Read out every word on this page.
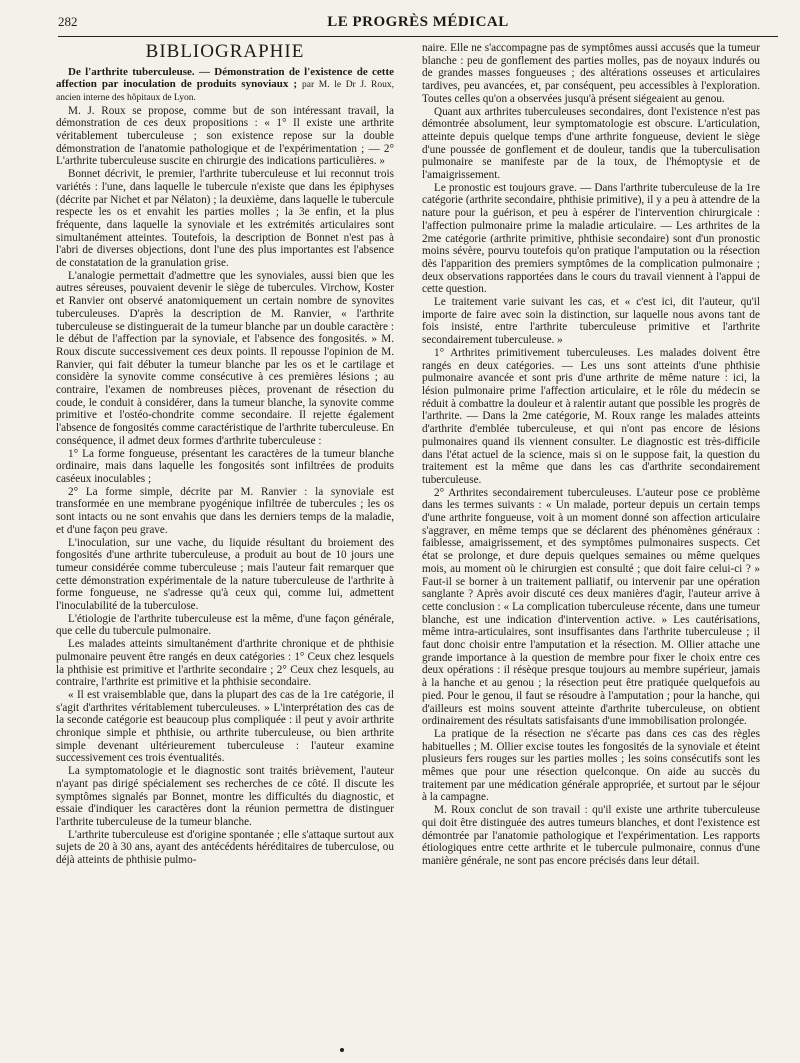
282	LE PROGRÈS MÉDICAL
BIBLIOGRAPHIE

De l'arthrite tuberculeuse. — Démonstration de l'existence de cette affection par inoculation de produits synoviaux ; par M. le Dr J. Roux, ancien interne des hôpitaux de Lyon.

M. J. Roux se propose, comme but de son intéressant travail, la démonstration de ces deux propositions : « 1° Il existe une arthrite véritablement tuberculeuse ; son existence repose sur la double démonstration de l'anatomie pathologique et de l'expérimentation ; — 2° L'arthrite tuberculeuse suscite en chirurgie des indications particulières. »

Bonnet décrivit, le premier, l'arthrite tuberculeuse et lui reconnut trois variétés : l'une, dans laquelle le tubercule n'existe que dans les épiphyses (décrite par Nichet et par Nélaton) ; la deuxième, dans laquelle le tubercule respecte les os et envahit les parties molles ; la 3e enfin, et la plus fréquente, dans laquelle la synoviale et les extrémités articulaires sont simultanément atteintes. Toutefois, la description de Bonnet n'est pas à l'abri de diverses objections, dont l'une des plus importantes est l'absence de constatation de la granulation grise.

L'analogie permettait d'admettre que les synoviales, aussi bien que les autres séreuses, pouvaient devenir le siège de tubercules. Virchow, Koster et Ranvier ont observé anatomiquement un certain nombre de synovites tuberculeuses. D'après la description de M. Ranvier, « l'arthrite tuberculeuse se distinguerait de la tumeur blanche par un double caractère : le début de l'affection par la synoviale, et l'absence des fongosités. » M. Roux discute successivement ces deux points. Il repousse l'opinion de M. Ranvier, qui fait débuter la tumeur blanche par les os et le cartilage et considère la synovite comme consécutive à ces premières lésions ; au contraire, l'examen de nombreuses pièces, provenant de résection du coude, le conduit à considérer, dans la tumeur blanche, la synovite comme primitive et l'ostéo-chondrite comme secondaire. Il rejette également l'absence de fongosités comme caractéristique de l'arthrite tuberculeuse. En conséquence, il admet deux formes d'arthrite tuberculeuse :

1° La forme fongueuse, présentant les caractères de la tumeur blanche ordinaire, mais dans laquelle les fongosités sont infiltrées de produits caséeux inoculables ;

2° La forme simple, décrite par M. Ranvier : la synoviale est transformée en une membrane pyogénique infiltrée de tubercules ; les os sont intacts ou ne sont envahis que dans les derniers temps de la maladie, et d'une façon peu grave.

L'inoculation, sur une vache, du liquide résultant du broiement des fongosités d'une arthrite tuberculeuse, a produit au bout de 10 jours une tumeur considérée comme tuberculeuse ; mais l'auteur fait remarquer que cette démonstration expérimentale de la nature tuberculeuse de l'arthrite à forme fongueuse, ne s'adresse qu'à ceux qui, comme lui, admettent l'inoculabilité de la tuberculose.

L'étiologie de l'arthrite tuberculeuse est la même, d'une façon générale, que celle du tubercule pulmonaire.

Les malades atteints simultanément d'arthrite chronique et de phthisie pulmonaire peuvent être rangés en deux catégories : 1° Ceux chez lesquels la phthisie est primitive et l'arthrite secondaire ; 2° Ceux chez lesquels, au contraire, l'arthrite est primitive et la phthisie secondaire.

« Il est vraisemblable que, dans la plupart des cas de la 1re catégorie, il s'agit d'arthrites véritablement tuberculeuses. » L'interprétation des cas de la seconde catégorie est beaucoup plus compliquée : il peut y avoir arthrite chronique simple et phthisie, ou arthrite tuberculeuse, ou bien arthrite simple devenant ultérieurement tuberculeuse : l'auteur examine successivement ces trois éventualités.

La symptomatologie et le diagnostic sont traités brièvement, l'auteur n'ayant pas dirigé spécialement ses recherches de ce côté. Il discute les symptômes signalés par Bonnet, montre les difficultés du diagnostic, et essaie d'indiquer les caractères dont la réunion permettra de distinguer l'arthrite tuberculeuse de la tumeur blanche.

L'arthrite tuberculeuse est d'origine spontanée ; elle s'attaque surtout aux sujets de 20 à 30 ans, ayant des antécédents héréditaires de tuberculose, ou déjà atteints de phthisie pulmo-

naire. Elle ne s'accompagne pas de symptômes aussi accusés que la tumeur blanche : peu de gonflement des parties molles, pas de noyaux indurés ou de grandes masses fongueuses ; des altérations osseuses et articulaires tardives, peu avancées, et, par conséquent, peu accessibles à l'exploration. Toutes celles qu'on a observées jusqu'à présent siégeaient au genou.

Quant aux arthrites tuberculeuses secondaires, dont l'existence n'est pas démontrée absolument, leur symptomatologie est obscure. L'articulation, atteinte depuis quelque temps d'une arthrite fongueuse, devient le siège d'une poussée de gonflement et de douleur, tandis que la tuberculisation pulmonaire se manifeste par de la toux, de l'hémoptysie et de l'amaigrissement.

Le pronostic est toujours grave. — Dans l'arthrite tuberculeuse de la 1re catégorie (arthrite secondaire, phthisie primitive), il y a peu à attendre de la nature pour la guérison, et peu à espérer de l'intervention chirurgicale : l'affection pulmonaire prime la maladie articulaire. — Les arthrites de la 2me catégorie (arthrite primitive, phthisie secondaire) sont d'un pronostic moins sévère, pourvu toutefois qu'on pratique l'amputation ou la résection dès l'apparition des premiers symptômes de la complication pulmonaire ; deux observations rapportées dans le cours du travail viennent à l'appui de cette question.

Le traitement varie suivant les cas, et « c'est ici, dit l'auteur, qu'il importe de faire avec soin la distinction, sur laquelle nous avons tant de fois insisté, entre l'arthrite tuberculeuse primitive et l'arthrite secondairement tuberculeuse. »

1° Arthrites primitivement tuberculeuses. Les malades doivent être rangés en deux catégories. — Les uns sont atteints d'une phthisie pulmonaire avancée et sont pris d'une arthrite de même nature : ici, la lésion pulmonaire prime l'affection articulaire, et le rôle du médecin se réduit à combattre la douleur et à ralentir autant que possible les progrès de l'arthrite. — Dans la 2me catégorie, M. Roux range les malades atteints d'arthrite d'emblée tuberculeuse, et qui n'ont pas encore de lésions pulmonaires quand ils viennent consulter. Le diagnostic est très-difficile dans l'état actuel de la science, mais si on le suppose fait, la question du traitement est la même que dans les cas d'arthrite secondairement tuberculeuse.

2° Arthrites secondairement tuberculeuses. L'auteur pose ce problème dans les termes suivants : « Un malade, porteur depuis un certain temps d'une arthrite fongueuse, voit à un moment donné son affection articulaire s'aggraver, en même temps que se déclarent des phénomènes généraux : faiblesse, amaigrissement, et des symptômes pulmonaires suspects. Cet état se prolonge, et dure depuis quelques semaines ou même quelques mois, au moment où le chirurgien est consulté ; que doit faire celui-ci ? » Faut-il se borner à un traitement palliatif, ou intervenir par une opération sanglante ? Après avoir discuté ces deux manières d'agir, l'auteur arrive à cette conclusion : « La complication tuberculeuse récente, dans une tumeur blanche, est une indication d'intervention active. » Les cautérisations, même intra-articulaires, sont insuffisantes dans l'arthrite tuberculeuse ; il faut donc choisir entre l'amputation et la résection. M. Ollier attache une grande importance à la question de membre pour fixer le choix entre ces deux opérations : il résèque presque toujours au membre supérieur, jamais à la hanche et au genou ; la résection peut être pratiquée quelquefois au pied. Pour le genou, il faut se résoudre à l'amputation ; pour la hanche, qui d'ailleurs est moins souvent atteinte d'arthrite tuberculeuse, on obtient ordinairement des résultats satisfaisants d'une immobilisation prolongée.

La pratique de la résection ne s'écarte pas dans ces cas des règles habituelles ; M. Ollier excise toutes les fongosités de la synoviale et éteint plusieurs fers rouges sur les parties molles ; les soins consécutifs sont les mêmes que pour une résection quelconque. On aide au succès du traitement par une médication générale appropriée, et surtout par le séjour à la campagne.

M. Roux conclut de son travail : qu'il existe une arthrite tuberculeuse qui doit être distinguée des autres tumeurs blanches, et dont l'existence est démontrée par l'anatomie pathologique et l'expérimentation. Les rapports étiologiques entre cette arthrite et le tubercule pulmonaire, connus d'une manière générale, ne sont pas encore précisés dans leur détail.
